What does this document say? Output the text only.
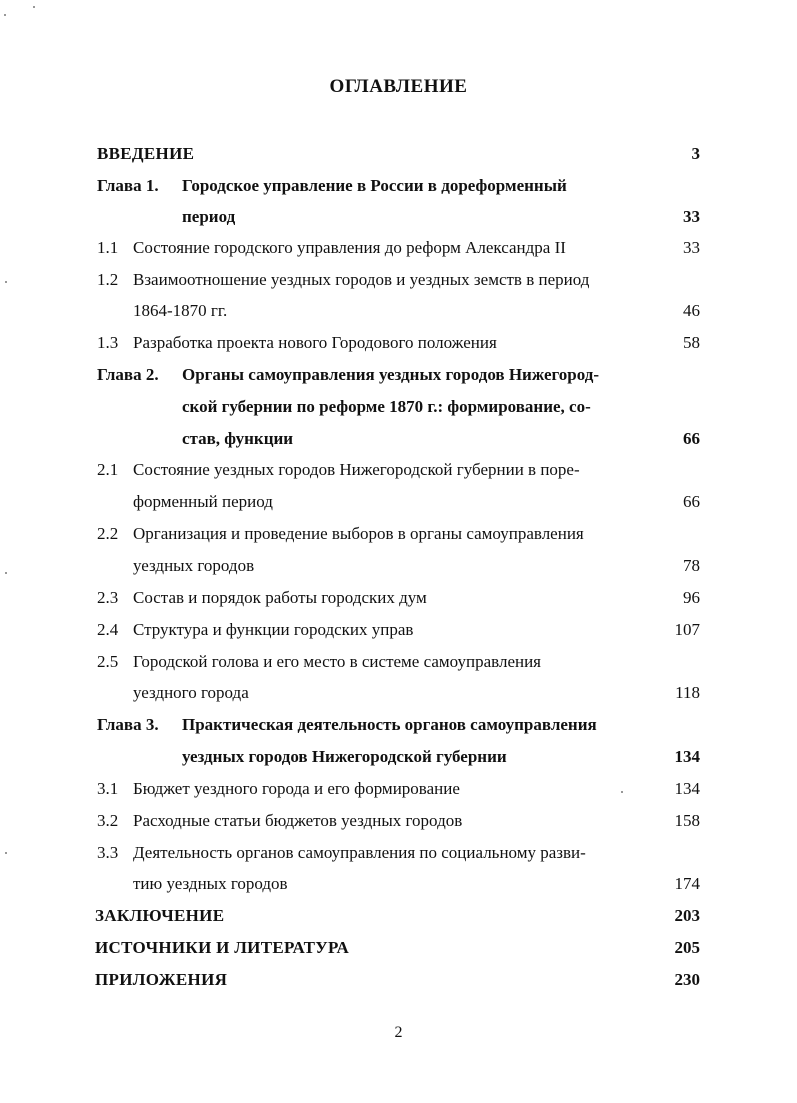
ОГЛАВЛЕНИЕ
ВВЕДЕНИЕ	3
Глава 1. Городское управление в России в дореформенный
период	33
1.1 Состояние городского управления до реформ Александра II	33
1.2 Взаимоотношение уездных городов и уездных земств в период
1864-1870 гг.	46
1.3 Разработка проекта нового Городового положения	58
Глава 2. Органы самоуправления уездных городов Нижегород-
ской губернии по реформе 1870 г.: формирование, со-
став, функции	66
2.1 Состояние уездных городов Нижегородской губернии в поре-
форменный период	66
2.2 Организация и проведение выборов в органы самоуправления
уездных городов	78
2.3 Состав и порядок работы городских дум	96
2.4 Структура и функции городских управ	107
2.5 Городской голова и его место в системе самоуправления
уездного города	118
Глава 3. Практическая деятельность органов самоуправления
уездных городов Нижегородской губернии	134
3.1 Бюджет уездного города и его формирование	134
3.2 Расходные статьи бюджетов уездных городов	158
3.3 Деятельность органов самоуправления по социальному разви-
тию уездных городов	174
ЗАКЛЮЧЕНИЕ	203
ИСТОЧНИКИ И ЛИТЕРАТУРА	205
ПРИЛОЖЕНИЯ	230
2
